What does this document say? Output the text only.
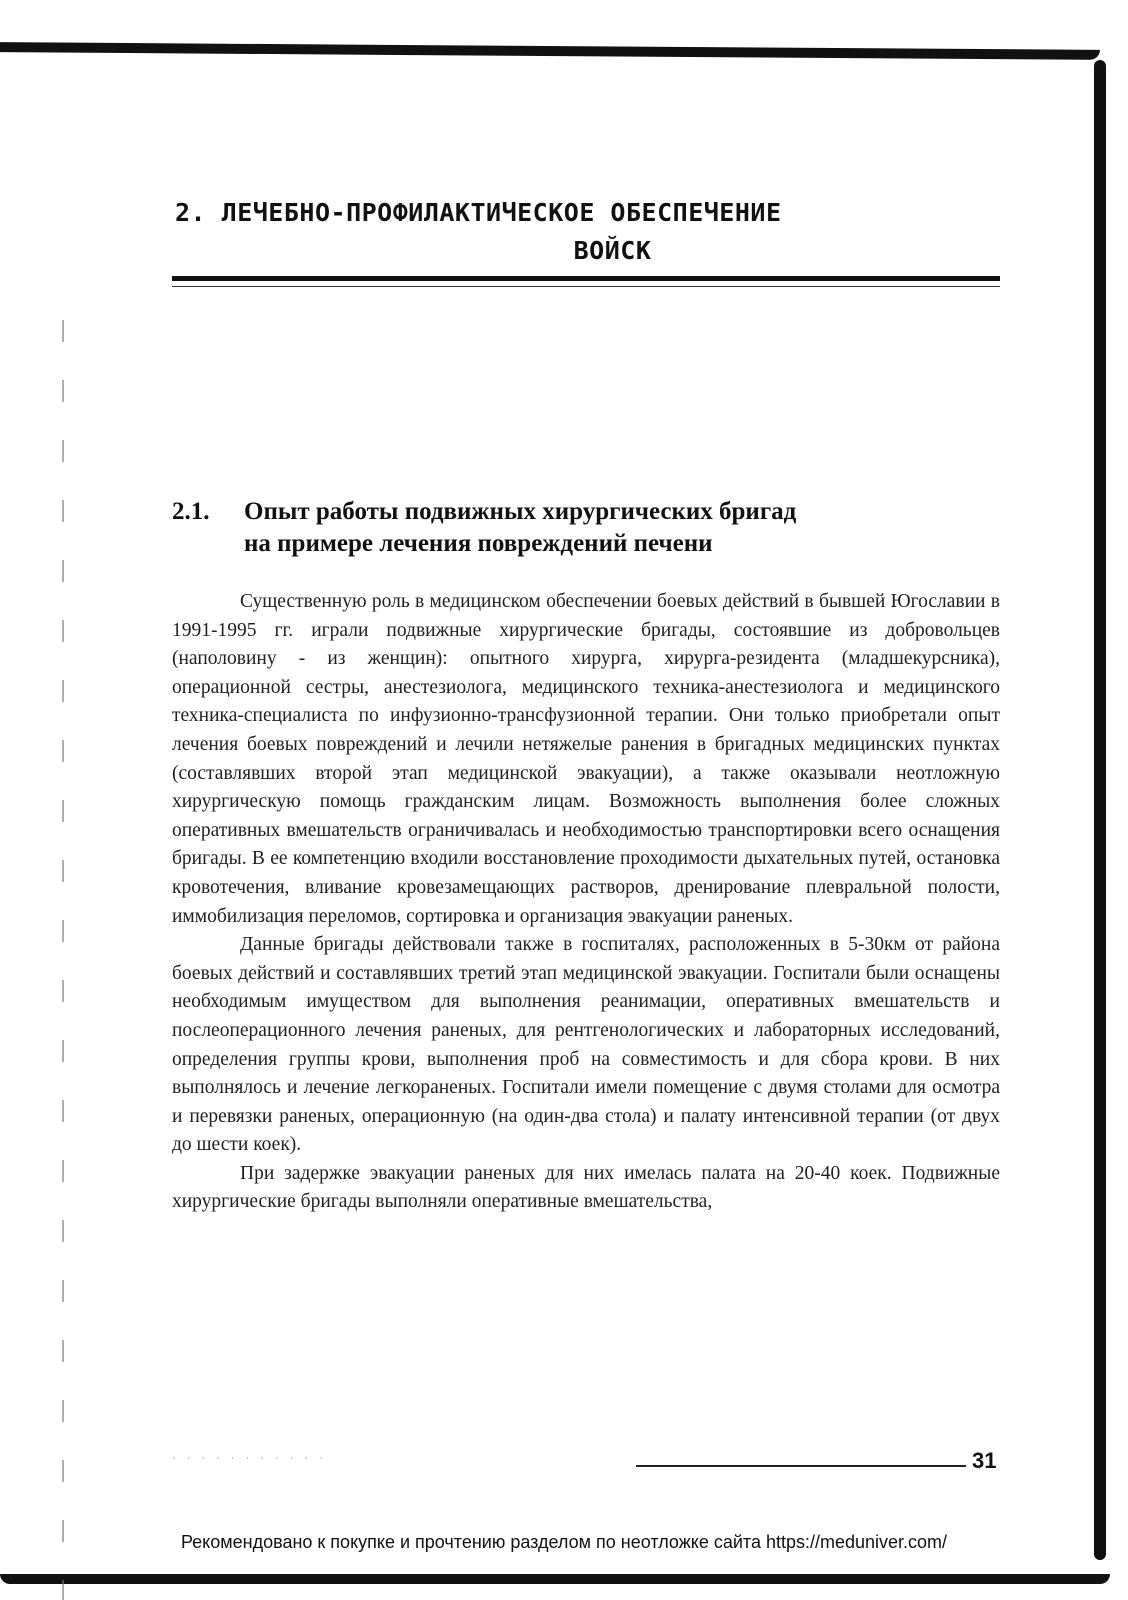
2. ЛЕЧЕБНО-ПРОФИЛАКТИЧЕСКОЕ ОБЕСПЕЧЕНИЕ
ВОЙСК
2.1.	Опыт работы подвижных хирургических бригад
на примере лечения повреждений печени

Существенную роль в медицинском обеспечении боевых действий в бывшей Югославии в 1991-1995 гг. играли подвижные хирургические бригады, состоявшие из добровольцев (наполовину - из женщин): опытного хирурга, хирурга-резидента (младшекурсника), операционной сестры, анестезиолога, медицинского техника-анестезиолога и медицинского техника-специалиста по инфузионно-трансфузионной терапии. Они только приобретали опыт лечения боевых повреждений и лечили нетяжелые ранения в бригадных медицинских пунктах (составлявших второй этап медицинской эвакуации), а также оказывали неотложную хирургическую помощь гражданским лицам. Возможность выполнения более сложных оперативных вмешательств ограничивалась и необходимостью транспортировки всего оснащения бригады. В ее компетенцию входили восстановление проходимости дыхательных путей, остановка кровотечения, вливание кровезамещающих растворов, дренирование плевральной полости, иммобилизация переломов, сортировка и организация эвакуации раненых.

Данные бригады действовали также в госпиталях, расположенных в 5-30км от района боевых действий и составлявших третий этап медицинской эвакуации. Госпитали были оснащены необходимым имуществом для выполнения реанимации, оперативных вмешательств и послеоперационного лечения раненых, для рентгенологических и лабораторных исследований, определения группы крови, выполнения проб на совместимость и для сбора крови. В них выполнялось и лечение легкораненых. Госпитали имели помещение с двумя столами для осмотра и перевязки раненых, операционную (на один-два стола) и палату интенсивной терапии (от двух до шести коек).

При задержке эвакуации раненых для них имелась палата на 20-40 коек. Подвижные хирургические бригады выполняли оперативные вмешательства,

· · · · · · · · · · ·	31
Рекомендовано к покупке и прочтению разделом по неотложке сайта https://meduniver.com/
